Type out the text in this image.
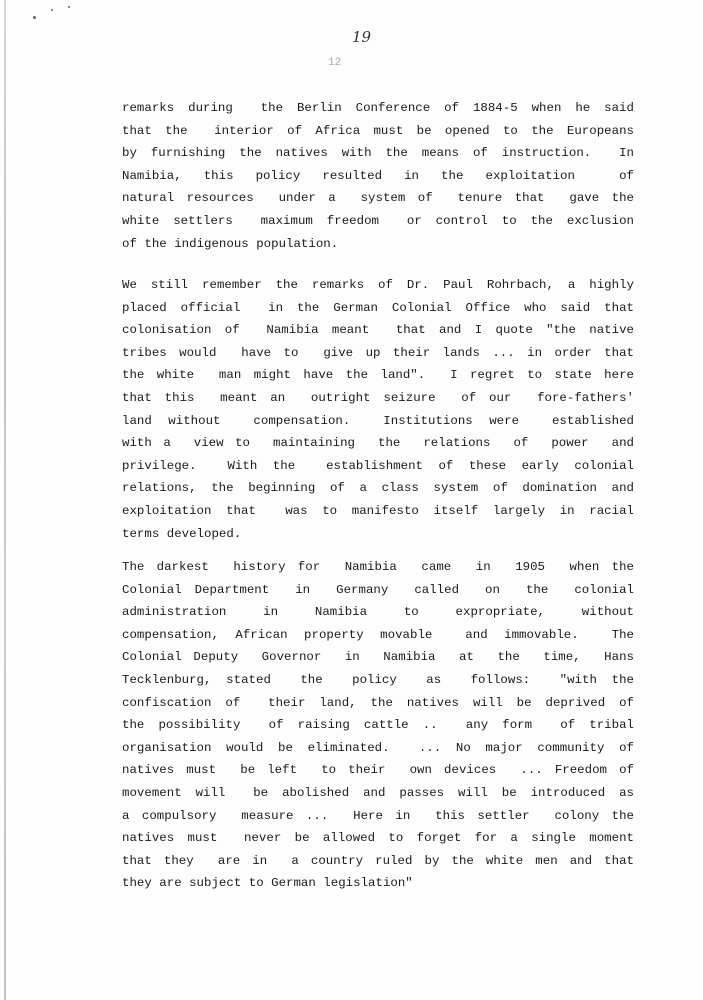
19
12
remarks during  the Berlin Conference of 1884-5 when he said
that the  interior of Africa must be opened to the Europeans
by furnishing the natives with the means of instruction.  In
Namibia, this policy resulted in the exploitation  of
natural resources  under a  system of  tenure that  gave the
white settlers  maximum freedom  or control to the exclusion
of the indigenous population.
We still remember the remarks of Dr. Paul Rohrbach, a highly
placed official  in the German Colonial Office who said that
colonisation of  Namibia meant  that and I quote "the native
tribes would  have to  give up their lands ... in order that
the white  man might have the land".  I regret to state here
that this  meant an  outright seizure  of our  fore-fathers'
land without  compensation.  Institutions were  established
with a  view to  maintaining  the  relations  of  power  and
privilege.  With the  establishment of these early colonial
relations, the beginning of a class system of domination and
exploitation that  was to manifesto itself largely in racial
terms developed.
The darkest  history for  Namibia  came  in  1905  when the
Colonial Department  in  Germany  called  on  the  colonial
administration  in  Namibia  to  expropriate,  without
compensation, African property movable  and immovable.  The
Colonial Deputy  Governor  in  Namibia  at  the  time,  Hans
Tecklenburg, stated  the  policy  as  follows:  "with the
confiscation of  their land, the natives will be deprived of
the possibility  of raising cattle ..  any form  of tribal
organisation would be eliminated.  ... No major community of
natives must  be left  to their  own devices  ... Freedom of
movement will  be abolished and passes will be introduced as
a compulsory  measure ...  Here in  this settler  colony the
natives must  never be allowed to forget for a single moment
that they  are in  a country ruled by the white men and that
they are subject to German legislation"
